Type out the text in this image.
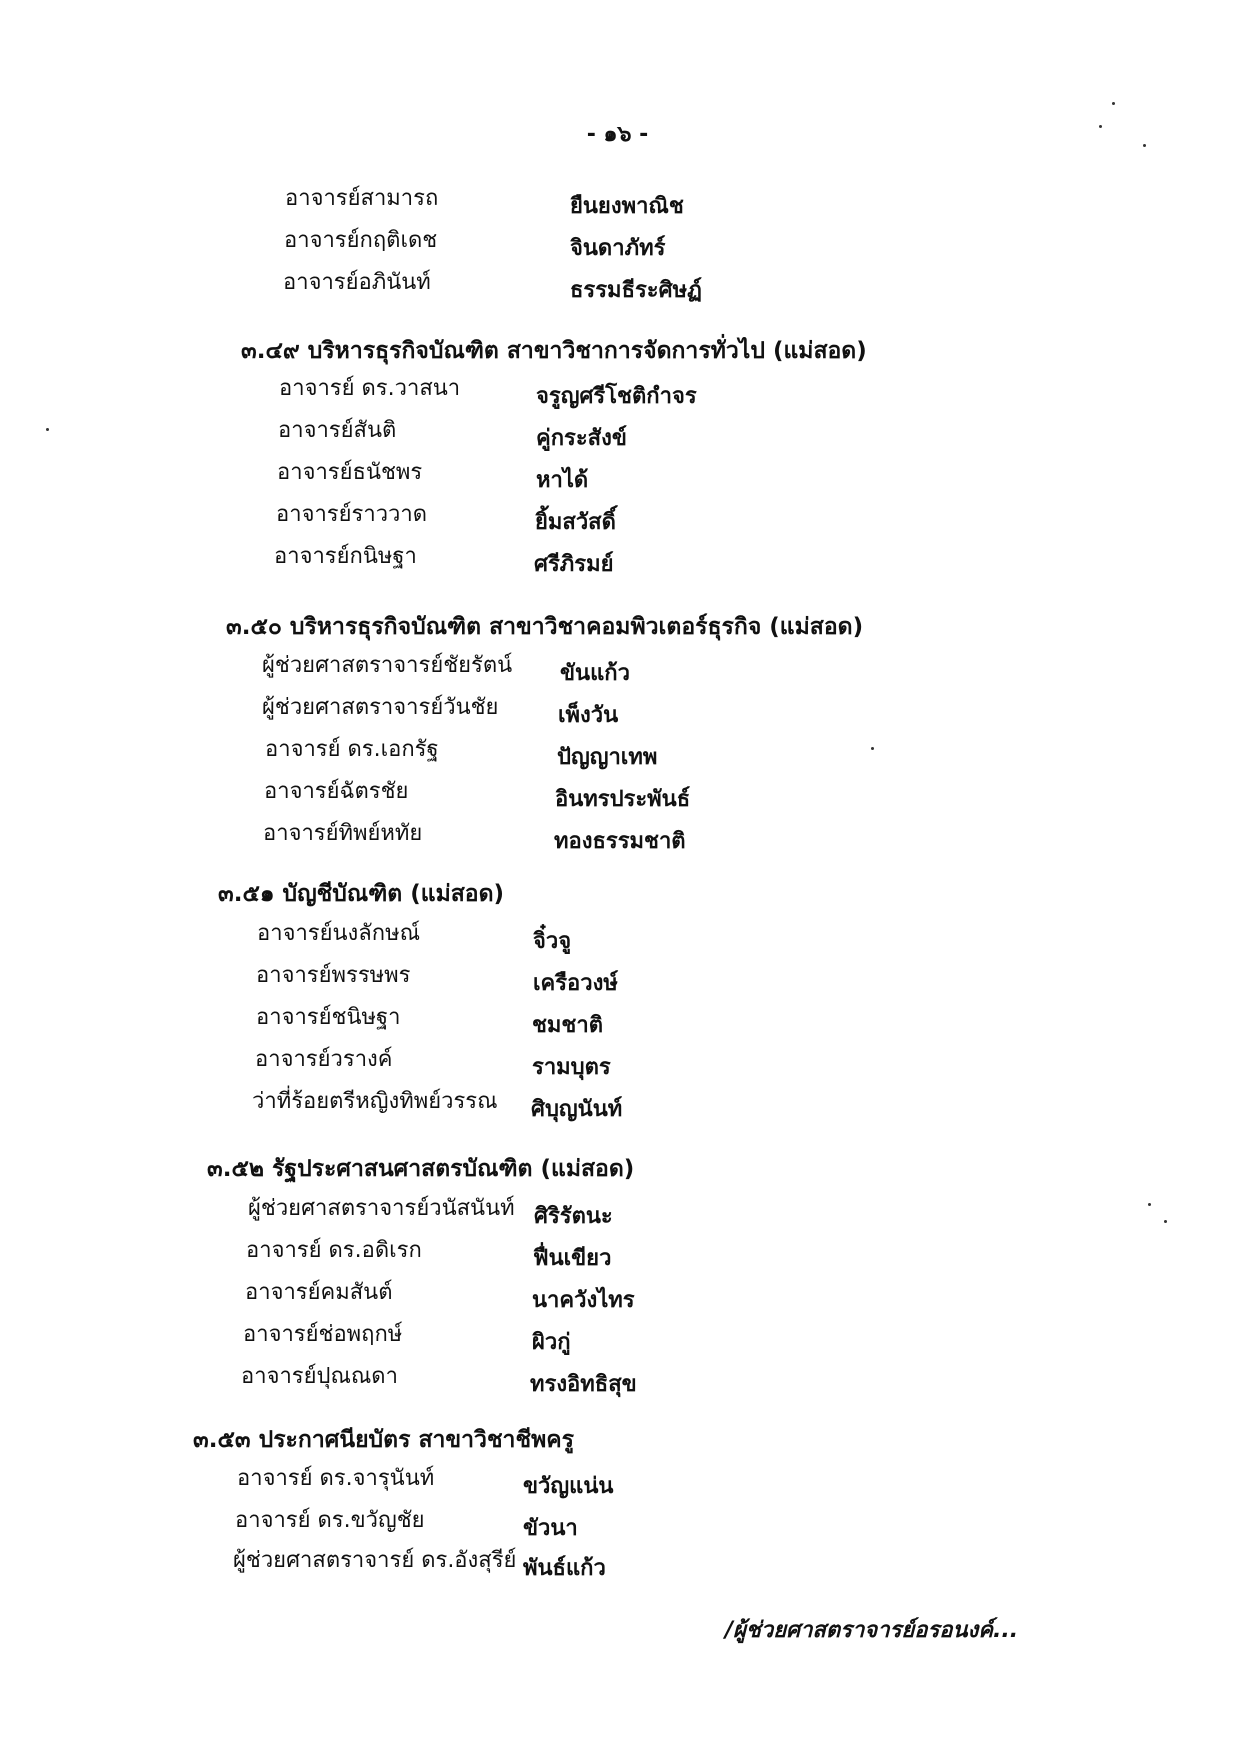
- ๑๖ -
อาจารย์สามารถ	ยืนยงพาณิช
อาจารย์กฤติเดช	จินดาภัทร์
อาจารย์อภินันท์	ธรรมธีระศิษฏ์
๓.๔๙ บริหารธุรกิจบัณฑิต สาขาวิชาการจัดการทั่วไป (แม่สอด)
อาจารย์ ดร.วาสนา	จรูญศรีโชติกำจร
อาจารย์สันติ	คู่กระสังข์
อาจารย์ธนัชพร	หาได้
อาจารย์ราววาด	ยิ้มสวัสดิ์
อาจารย์กนิษฐา	ศรีภิรมย์
๓.๕๐ บริหารธุรกิจบัณฑิต สาขาวิชาคอมพิวเตอร์ธุรกิจ (แม่สอด)
ผู้ช่วยศาสตราจารย์ชัยรัตน์ ขันแก้ว
ผู้ช่วยศาสตราจารย์วันชัย	เพ็งวัน
อาจารย์ ดร.เอกรัฐ	ปัญญาเทพ
อาจารย์ฉัตรชัย	อินทรประพันธ์
อาจารย์ทิพย์หทัย	ทองธรรมชาติ
๓.๕๑ บัญชีบัณฑิต (แม่สอด)
อาจารย์นงลักษณ์	จิ๋วจู
อาจารย์พรรษพร	เครือวงษ์
อาจารย์ชนิษฐา	ชมชาติ
อาจารย์วรางค์	รามบุตร
ว่าที่ร้อยตรีหญิงทิพย์วรรณ ศิบุญนันท์
๓.๕๒ รัฐประศาสนศาสตรบัณฑิต (แม่สอด)
ผู้ช่วยศาสตราจารย์วนัสนันท์ ศิริรัตนะ
อาจารย์ ดร.อดิเรก	ฟื่นเขียว
อาจารย์คมสันต์	นาควังไทร
อาจารย์ช่อพฤกษ์	ผิวกู่
อาจารย์ปุณณดา	ทรงอิทธิสุข
๓.๕๓ ประกาศนียบัตร สาขาวิชาชีพครู
อาจารย์ ดร.จารุนันท์	ขวัญแน่น
อาจารย์ ดร.ขวัญชัย	ขัวนา
ผู้ช่วยศาสตราจารย์ ดร.อังสุรีย์ พันธ์แก้ว
/ผู้ช่วยศาสตราจารย์อรอนงค์...
